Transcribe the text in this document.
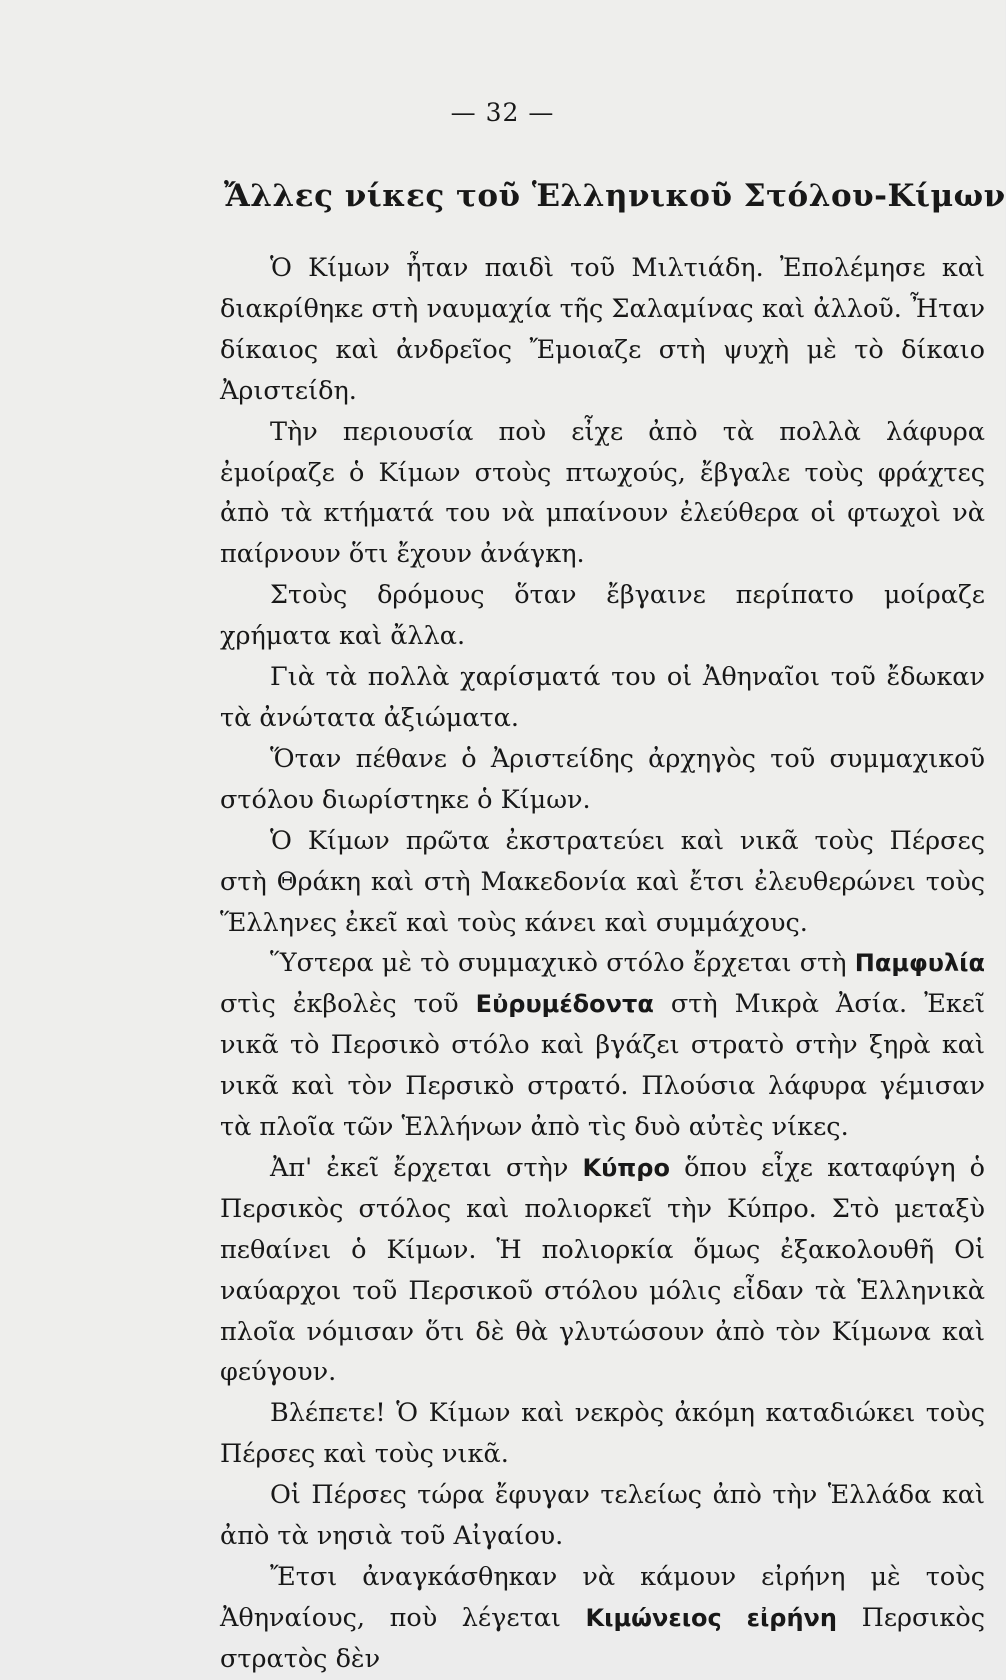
— 32 —
Ἄλλες νίκες τοῦ Ἑλληνικοῦ Στόλου-Κίμων

Ὁ Κίμων ἦταν παιδὶ τοῦ Μιλτιάδη. Ἐπολέμησε καὶ διακρίθηκε στὴ ναυμαχία τῆς Σαλαμίνας καὶ ἀλλοῦ. Ἦταν δίκαιος καὶ ἀνδρεῖος Ἔμοιαζε στὴ ψυχὴ μὲ τὸ δίκαιο Ἀριστείδη.

Τὴν περιουσία ποὺ εἶχε ἀπὸ τὰ πολλὰ λάφυρα ἐμοίραζε ὁ Κίμων στοὺς πτωχούς, ἔβγαλε τοὺς φράχτες ἀπὸ τὰ κτήματά του νὰ μπαίνουν ἐλεύθερα οἱ φτωχοὶ νὰ παίρνουν ὅτι ἔχουν ἀνάγκη.

Στοὺς δρόμους ὅταν ἔβγαινε περίπατο μοίραζε χρήματα καὶ ἄλλα.

Γιὰ τὰ πολλὰ χαρίσματά του οἱ Ἀθηναῖοι τοῦ ἔδωκαν τὰ ἀνώτατα ἀξιώματα.

Ὅταν πέθανε ὁ Ἀριστείδης ἀρχηγὸς τοῦ συμμαχικοῦ στόλου διωρίστηκε ὁ Κίμων.

Ὁ Κίμων πρῶτα ἐκστρατεύει καὶ νικᾶ τοὺς Πέρσες στὴ Θράκη καὶ στὴ Μακεδονία καὶ ἔτσι ἐλευθερώνει τοὺς Ἕλληνες ἐκεῖ καὶ τοὺς κάνει καὶ συμμάχους.

Ὕστερα μὲ τὸ συμμαχικὸ στόλο ἔρχεται στὴ Παμφυλία στὶς ἐκβολὲς τοῦ Εὐρυμέδοντα στὴ Μικρὰ Ἀσία. Ἐκεῖ νικᾶ τὸ Περσικὸ στόλο καὶ βγάζει στρατὸ στὴν ξηρὰ καὶ νικᾶ καὶ τὸν Περσικὸ στρατό. Πλούσια λάφυρα γέμισαν τὰ πλοῖα τῶν Ἑλλήνων ἀπὸ τὶς δυὸ αὐτὲς νίκες.

Ἀπ' ἐκεῖ ἔρχεται στὴν Κύπρο ὅπου εἶχε καταφύγη ὁ Περσικὸς στόλος καὶ πολιορκεῖ τὴν Κύπρο. Στὸ μεταξὺ πεθαίνει ὁ Κίμων. Ἡ πολιορκία ὅμως ἐξακολουθῆ Οἱ ναύαρχοι τοῦ Περσικοῦ στόλου μόλις εἶδαν τὰ Ἑλληνικὰ πλοῖα νόμισαν ὅτι δὲ θὰ γλυτώσουν ἀπὸ τὸν Κίμωνα καὶ φεύγουν.

Βλέπετε! Ὁ Κίμων καὶ νεκρὸς ἀκόμη καταδιώκει τοὺς Πέρσες καὶ τοὺς νικᾶ.

Οἱ Πέρσες τώρα ἔφυγαν τελείως ἀπὸ τὴν Ἑλλάδα καὶ ἀπὸ τὰ νησιὰ τοῦ Αἰγαίου.

Ἔτσι ἀναγκάσθηκαν νὰ κάμουν εἰρήνη μὲ τοὺς Ἀθηναίους, ποὺ λέγεται Κιμώνειος εἰρήνη Περσικὸς στρατὸς δὲν
